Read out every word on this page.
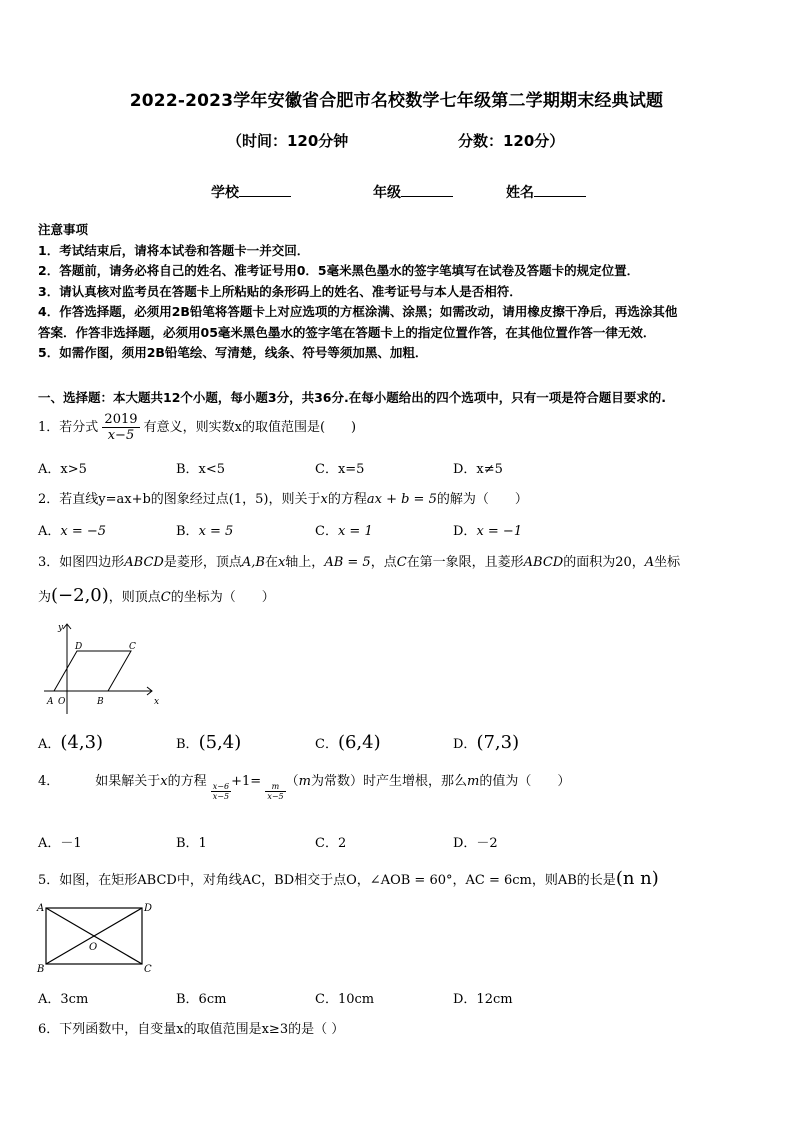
2022-2023学年安徽省合肥市名校数学七年级第二学期期末经典试题
（时间：120分钟	分数：120分）
学校	年级	姓名
注意事项
1．考试结束后，请将本试卷和答题卡一并交回．
2．答题前，请务必将自己的姓名、准考证号用0．5毫米黑色墨水的签字笔填写在试卷及答题卡的规定位置．
3．请认真核对监考员在答题卡上所粘贴的条形码上的姓名、准考证号与本人是否相符．
4．作答选择题，必须用2B铅笔将答题卡上对应选项的方框涂满、涂黑；如需改动，请用橡皮擦干净后，再选涂其他
答案．作答非选择题，必须用05毫米黑色墨水的签字笔在答题卡上的指定位置作答，在其他位置作答一律无效．
5．如需作图，须用2B铅笔绘、写清楚，线条、符号等须加黑、加粗．
一、选择题：本大题共12个小题，每小题3分，共36分.在每小题给出的四个选项中，只有一项是符合题目要求的.
1．若分式 $\frac{2019}{x-5}$ 有意义，则实数x的取值范围是(　　)
A．x>5	B．x<5	C．x=5	D．x≠5
2．若直线y=ax+b的图象经过点(1，5)，则关于x的方程ax + b = 5的解为（　　）
A．x = −5	B．x = 5	C．x = 1	D．x = −1
3．如图四边形ABCD是菱形，顶点A,B在x轴上，AB = 5，点C在第一象限，且菱形ABCD的面积为20，A坐标
为(−2,0)，则顶点C的坐标为（　　）
y
x
D	C
A O	B
A．(4,3)	B．(5,4)	C．(6,4)	D．(7,3)
4．	如果解关于x的方程
$\frac{x-6}{x-5}$
+1=
$\frac{m}{x-5}$
（m为常数）时产生增根，那么m的值为（　　）
A．－1	B．1	C．2	D．－2
5．如图，在矩形ABCD中，对角线AC，BD相交于点O，∠AOB = 60°，AC = 6cm，则AB的长是(n n)
A	D
B	C
O
A．3cm	B．6cm	C．10cm	D．12cm
6．下列函数中，自变量x的取值范围是x≥3的是（ ）
